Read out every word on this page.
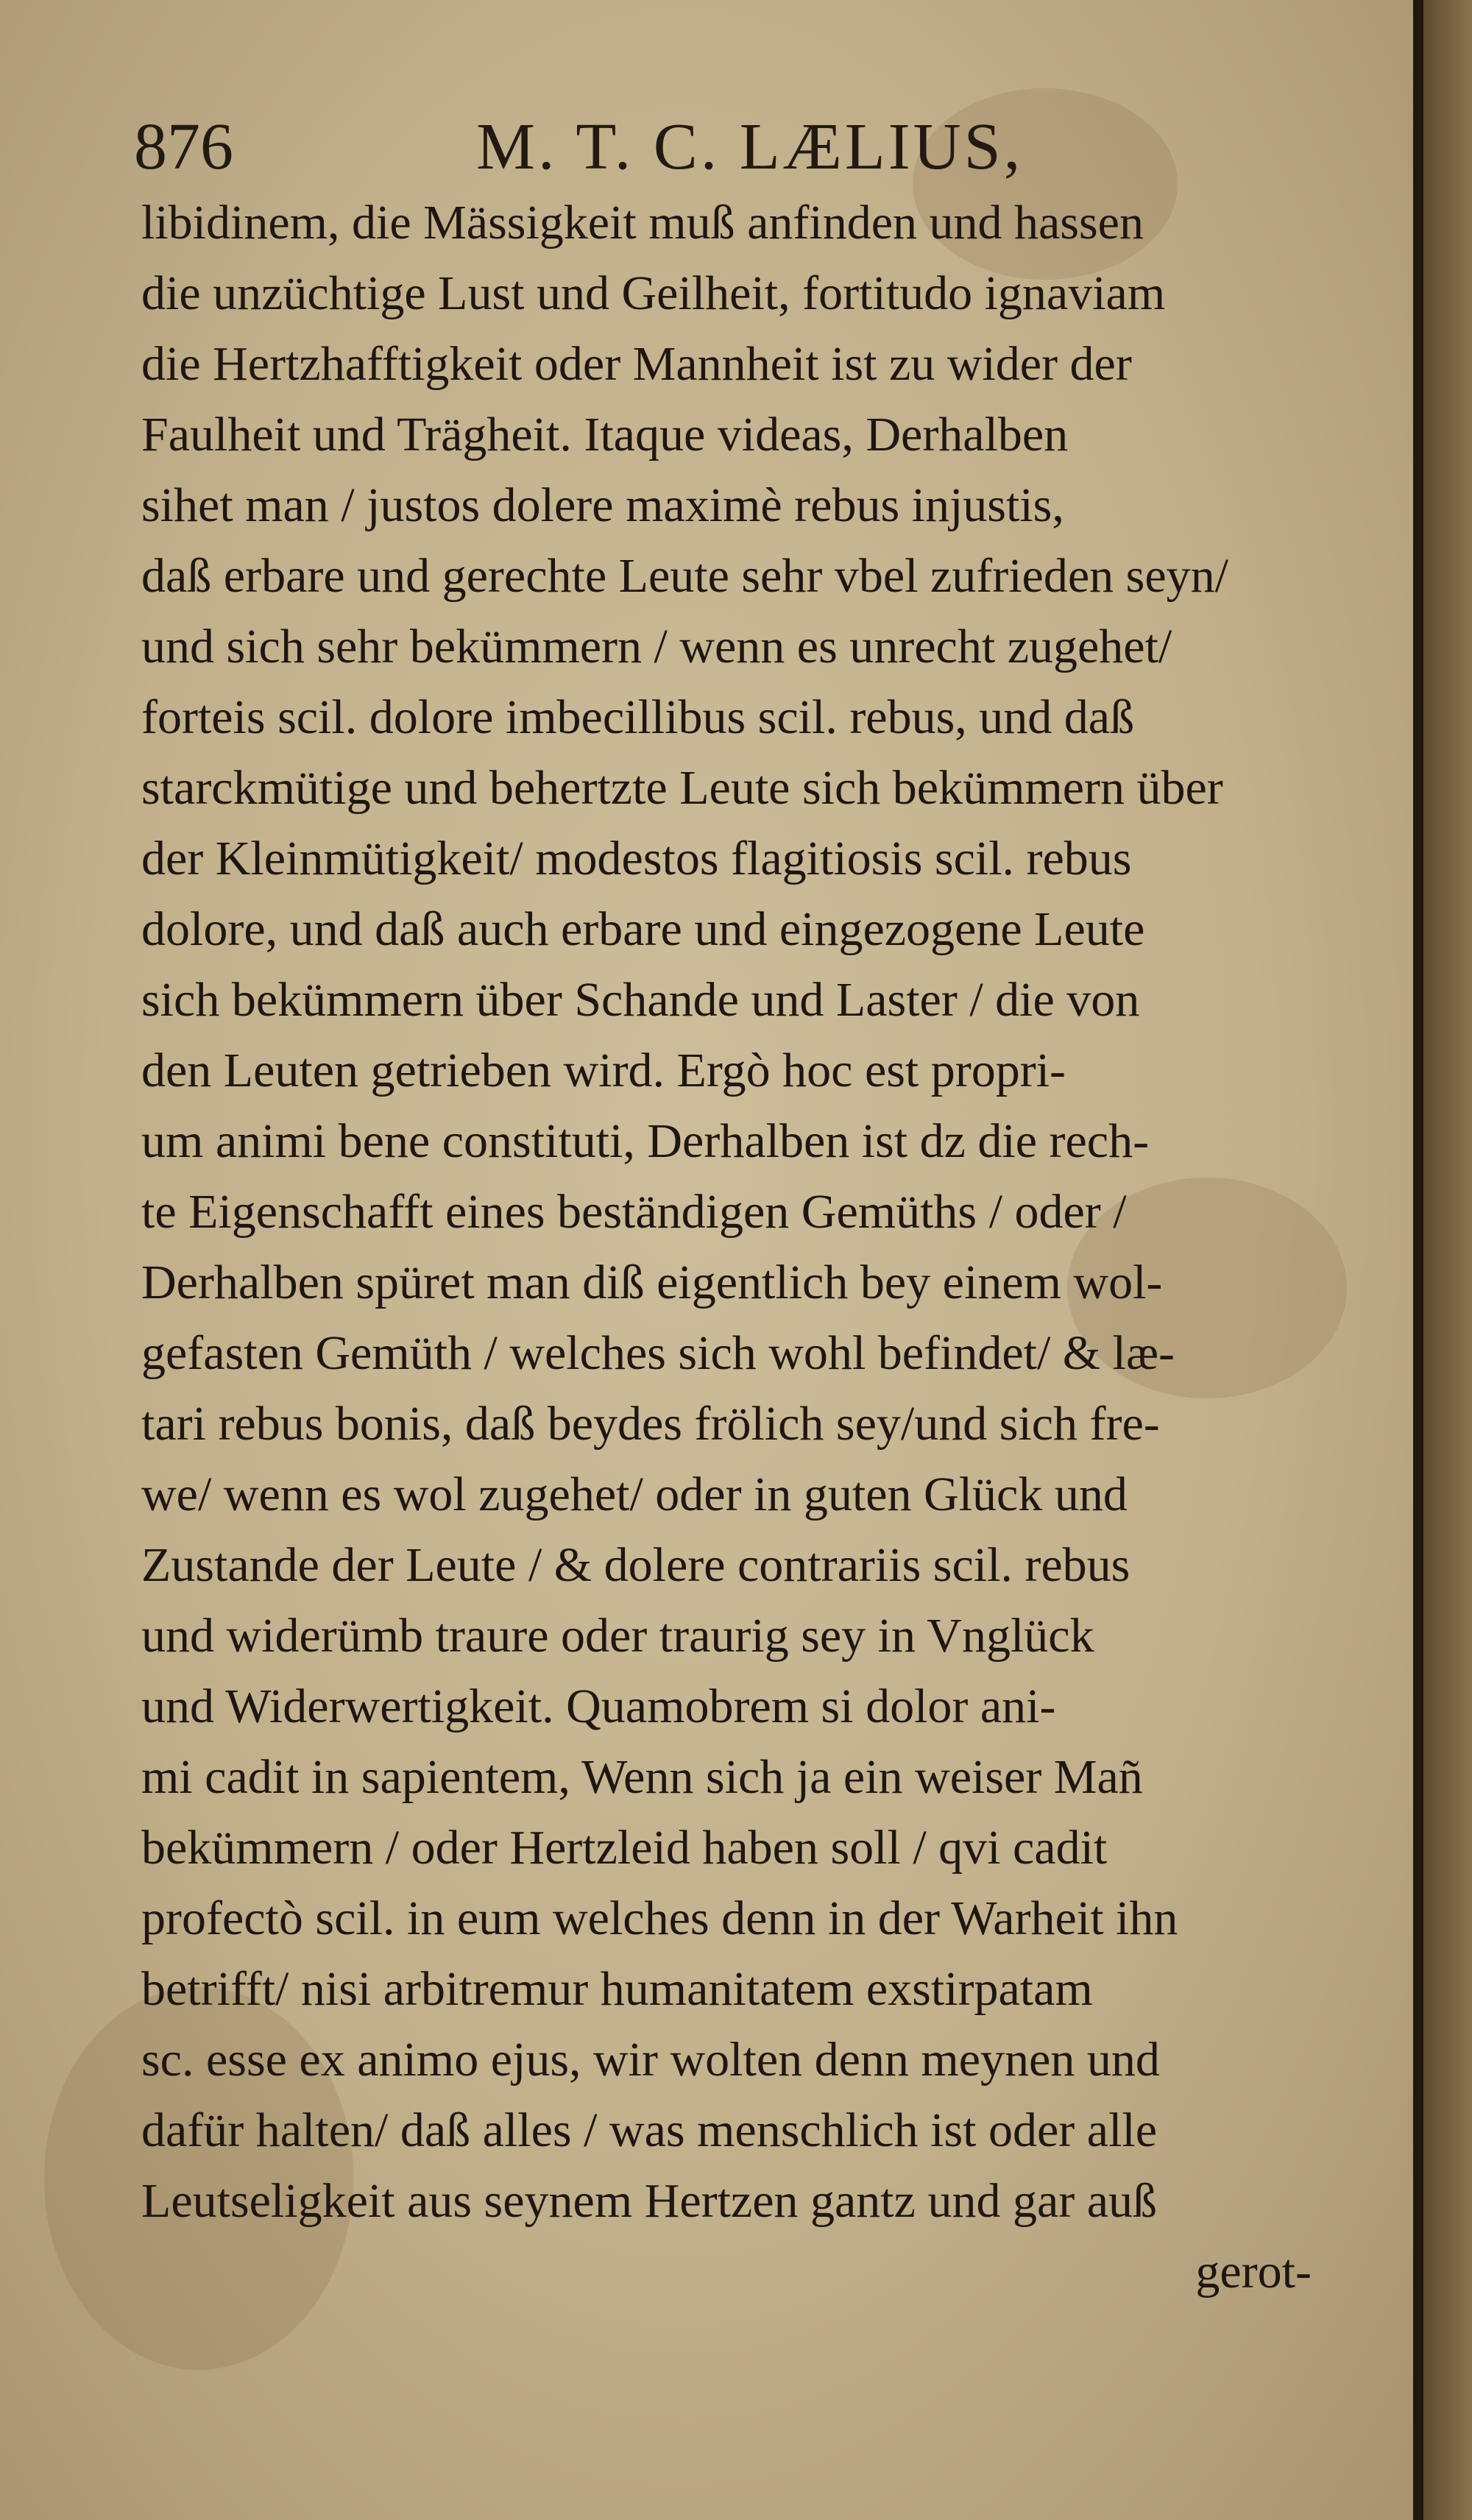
876	M. T. C. LÆLIUS,
libidinem, die Mässigkeit muß anfinden und hassen
die unzüchtige Lust und Geilheit, fortitudo ignaviam
die Hertzhafftigkeit oder Mannheit ist zu wider der
Faulheit und Trägheit. Itaque videas, Derhalben
sihet man / justos dolere maximè rebus injustis,
daß erbare und gerechte Leute sehr vbel zufrieden seyn/
und sich sehr bekümmern / wenn es unrecht zugehet/
forteis scil. dolore imbecillibus scil. rebus, und daß
starckmütige und behertzte Leute sich bekümmern über
der Kleinmütigkeit/ modestos flagitiosis scil. rebus
dolore, und daß auch erbare und eingezogene Leute
sich bekümmern über Schande und Laster / die von
den Leuten getrieben wird. Ergò hoc est propri-
um animi bene constituti, Derhalben ist dz die rech-
te Eigenschafft eines beständigen Gemüths / oder /
Derhalben spüret man diß eigentlich bey einem wol-
gefasten Gemüth / welches sich wohl befindet/ & læ-
tari rebus bonis, daß beydes frölich sey/und sich fre-
we/ wenn es wol zugehet/ oder in guten Glück und
Zustande der Leute / & dolere contrariis scil. rebus
und widerümb traure oder traurig sey in Vnglück
und Widerwertigkeit. Quamobrem si dolor ani-
mi cadit in sapientem, Wenn sich ja ein weiser Mañ
bekümmern / oder Hertzleid haben soll / qvi cadit
profectò scil. in eum welches denn in der Warheit ihn
betrifft/ nisi arbitremur humanitatem exstirpatam
sc. esse ex animo ejus, wir wolten denn meynen und
dafür halten/ daß alles / was menschlich ist oder alle
Leutseligkeit aus seynem Hertzen gantz und gar auß
gerot-
